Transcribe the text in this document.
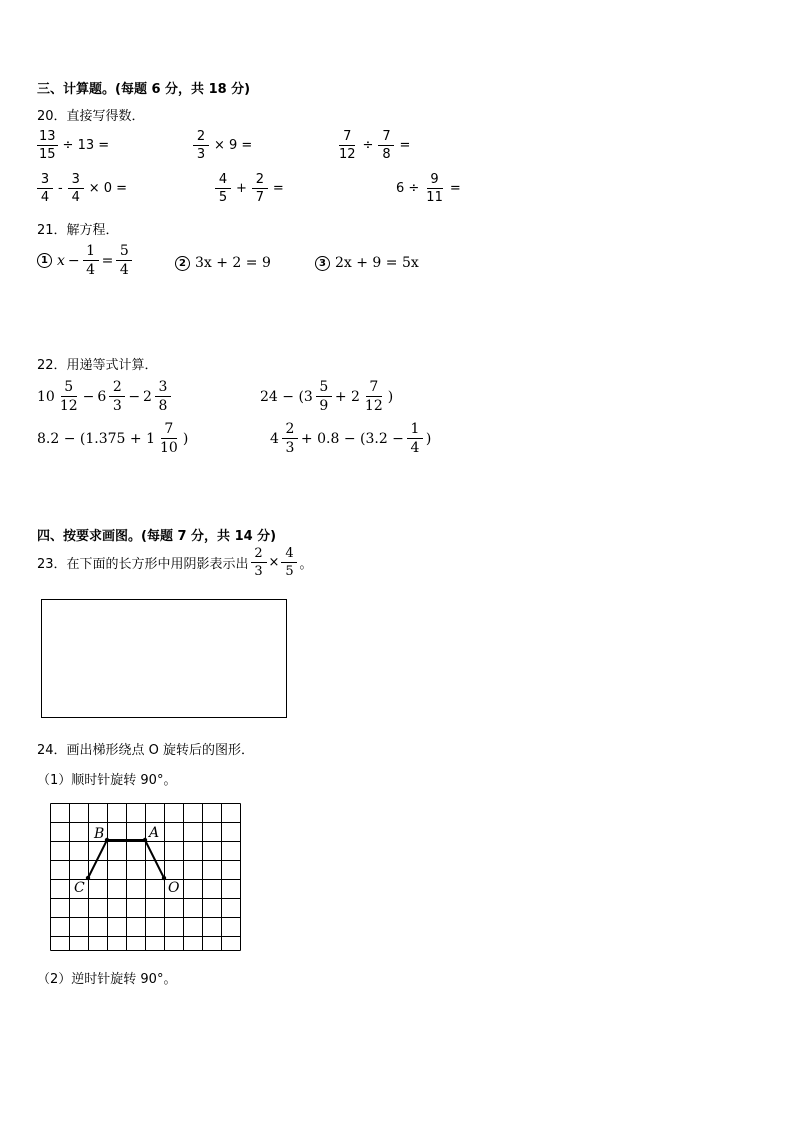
三、计算题。(每题 6 分，共 18 分)
20．直接写得数．
$\frac{13}{15} \div 13$ =	$\frac{2}{3} \times 9$ =	$\frac{7}{12} \div \frac{7}{8}$ =
$\frac{3}{4} - \frac{3}{4} \times 0$ =	$\frac{4}{5} + \frac{2}{7}$ =	$6 \div \frac{9}{11}$ =
21．解方程．
1 $x - \frac{1}{4} = \frac{5}{4}$	2 3x + 2 = 9	3 2x + 9 = 5x
22．用递等式计算．
$10 \frac{5}{12} - 6 \frac{2}{3} - 2 \frac{3}{8}$	$24 - (3 \frac{5}{9} + 2 \frac{7}{12}$ )
$8.2 - (1.375 + 1 \frac{7}{10}$ )	$4 \frac{2}{3} + 0.8 - (3.2 - \frac{1}{4}$ )
四、按要求画图。(每题 7 分，共 14 分)
23．在下面的长方形中用阴影表示出 $\frac{2}{3} \times \frac{4}{5}$ 。
24．画出梯形绕点 O 旋转后的图形．
（1）顺时针旋转 90°。
B	A
C	O
（2）逆时针旋转 90°。
